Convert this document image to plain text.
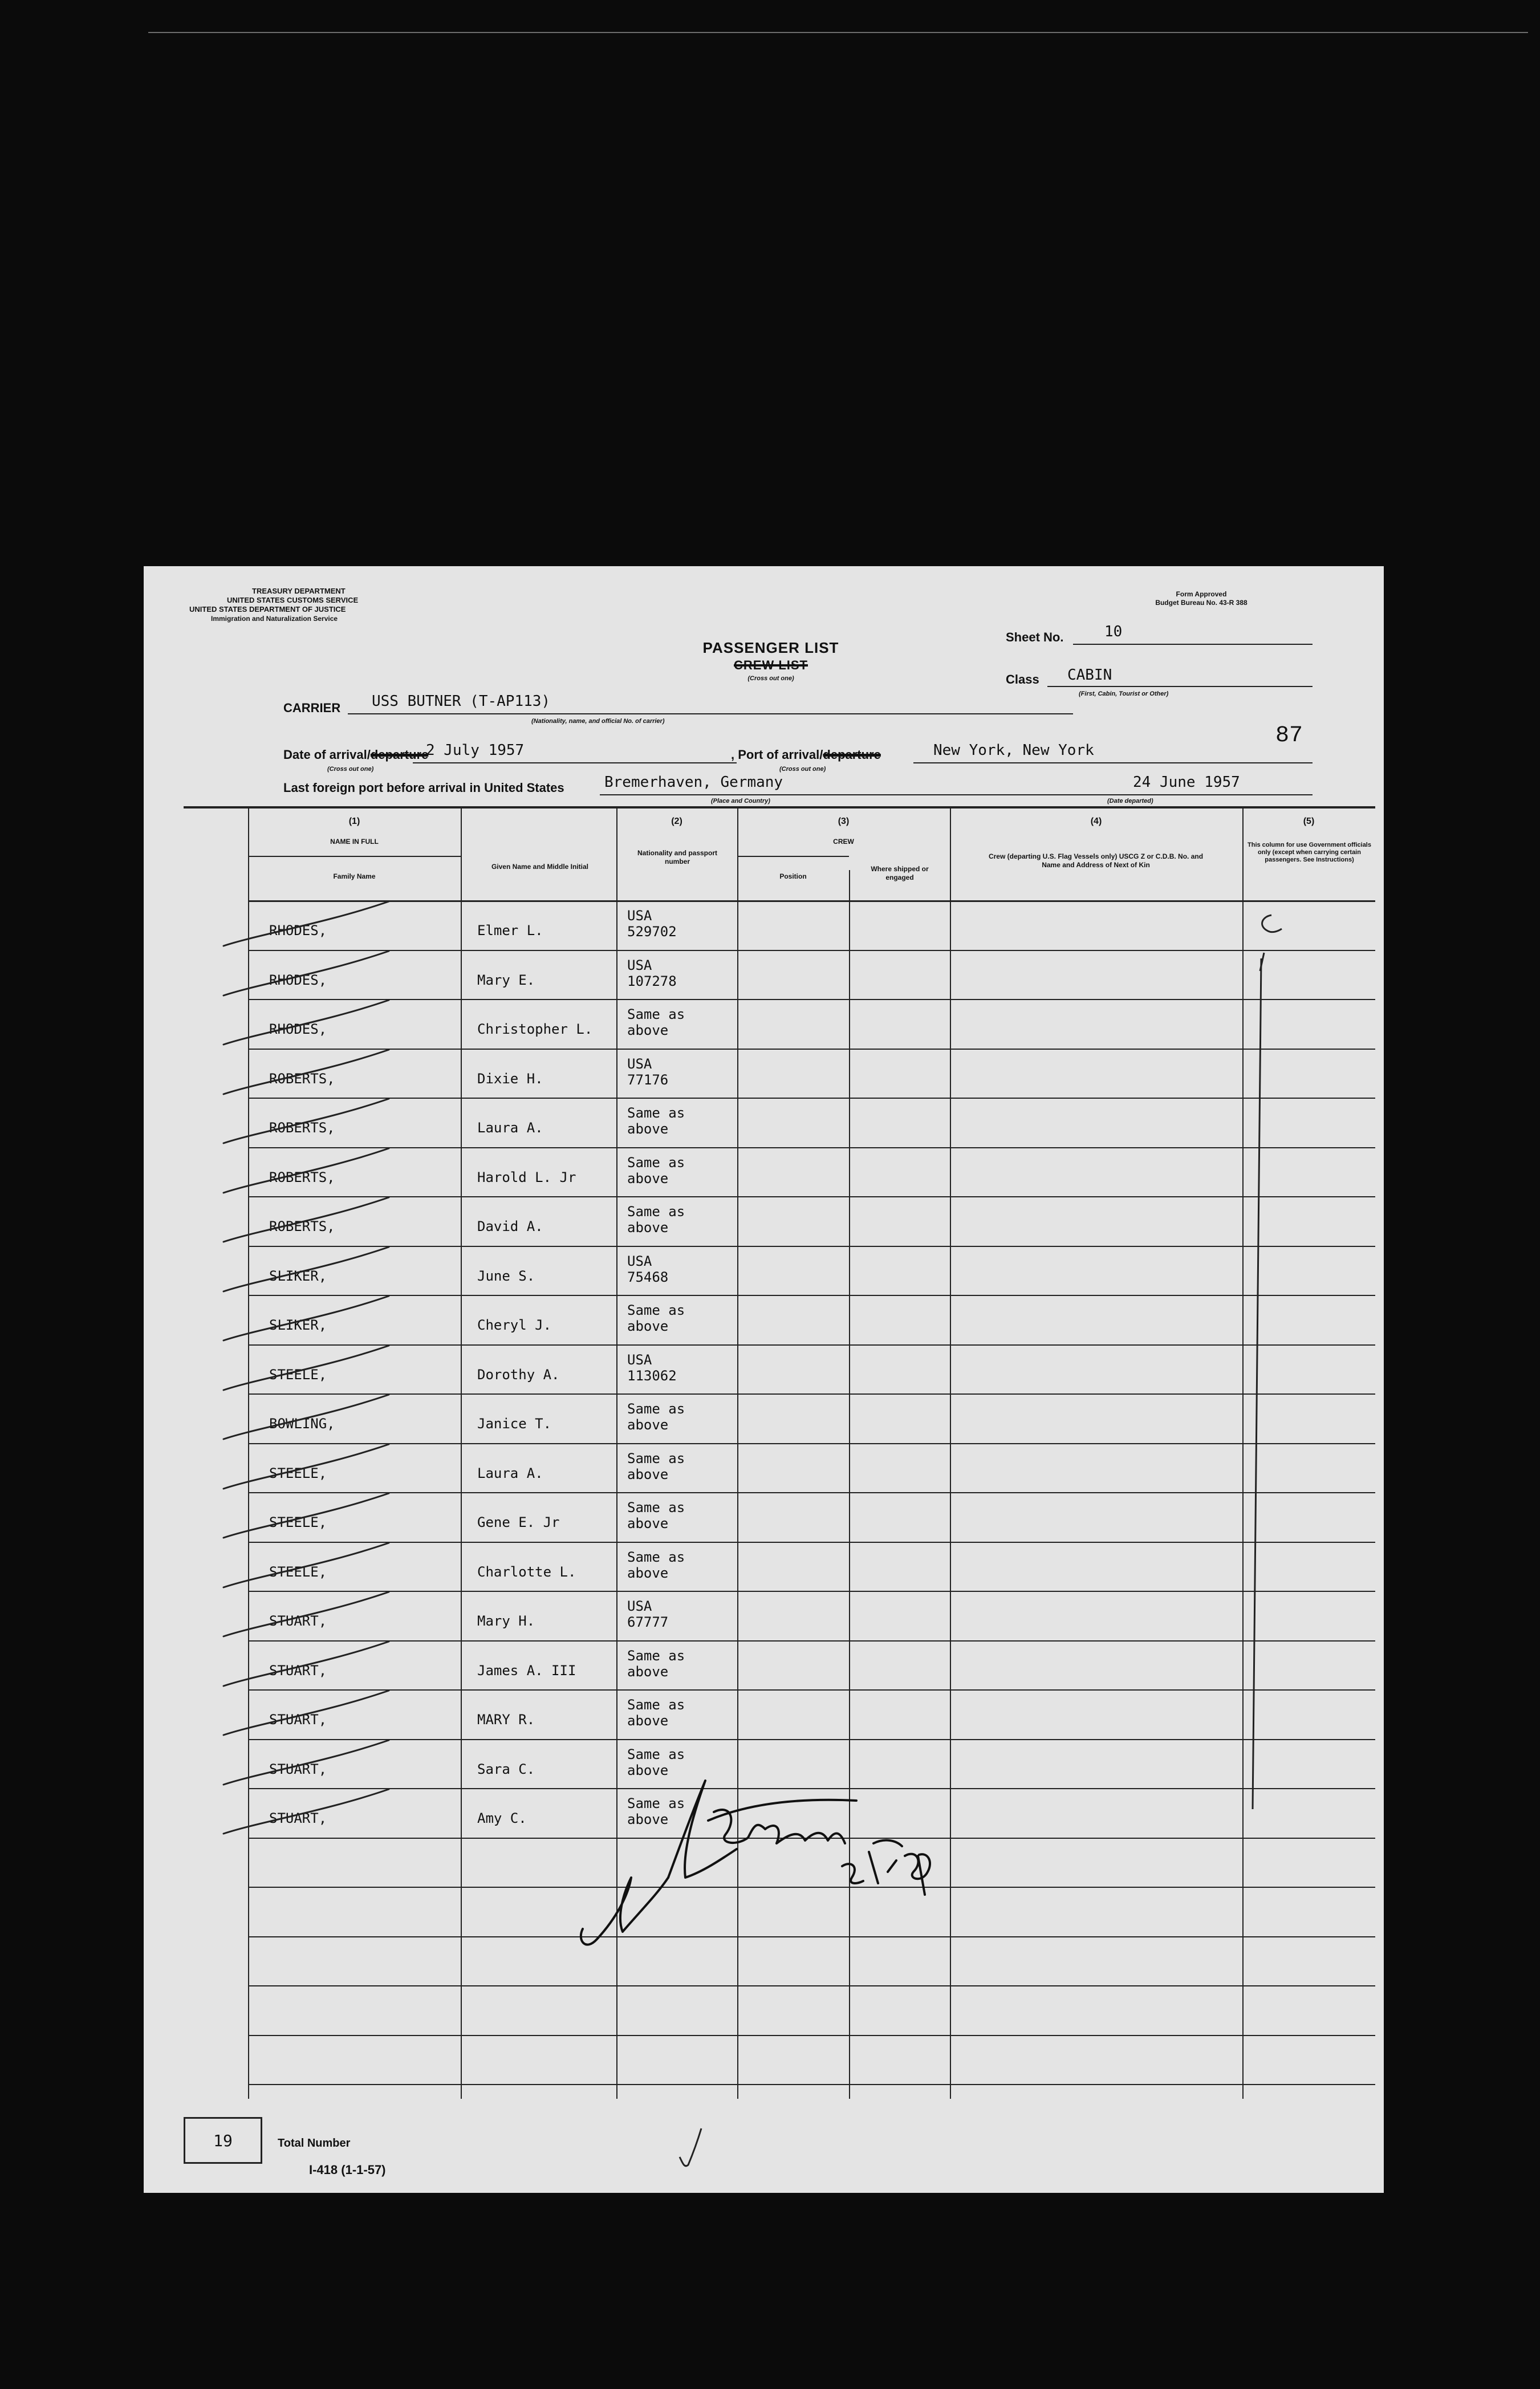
TREASURY DEPARTMENT
UNITED STATES CUSTOMS SERVICE
UNITED STATES DEPARTMENT OF JUSTICE
Immigration and Naturalization Service
Form Approved
Budget Bureau No. 43-R 388
PASSENGER LIST
CREW LIST
(Cross out one)
Sheet No.	10
Class CABIN
(First, Cabin, Tourist or Other)
CARRIER USS BUTNER (T-AP113)
(Nationality, name, and official No. of carrier)
87
Date of arrival/departure
2 July 1957
(Cross out one)
, Port of arrival/departure	New York, New York
(Cross out one)
Last foreign port before arrival in United States	Bremerhaven, Germany
(Place and Country)
24 June 1957
(Date departed)
(1)
NAME IN FULL
Family Name
Given Name and Middle Initial
(2)
Nationality and passport number
(3)
CREW
Position
Where shipped or engaged
(4)
Crew (departing U.S. Flag Vessels only) USCG Z or C.D.B. No. and Name and Address of Next of Kin
(5)
This column for use Government officials only (except when carrying certain passengers. See Instructions)
RHODES,	Elmer L.
USA
529702
RHODES,	Mary E.
USA
107278
RHODES,	Christopher L.
Same as
above
ROBERTS,	Dixie H.
USA
77176
ROBERTS,	Laura A.
Same as
above
ROBERTS,	Harold L. Jr
Same as
above
ROBERTS,	David A.
Same as
above
SLIKER,	June S.
USA
75468
SLIKER,	Cheryl J.
Same as
above
STEELE,	Dorothy A.
USA
113062
BOWLING,	Janice T.
Same as
above
STEELE,	Laura A.
Same as
above
STEELE,	Gene E. Jr
Same as
above
STEELE,	Charlotte L.
Same as
above
STUART,	Mary H.
USA
67777
STUART,	James A. III
Same as
above
STUART,	MARY R.
Same as
above
STUART,	Sara C.
Same as
above
STUART,	Amy C.
Same as
above
19	Total Number
I-418 (1-1-57)
